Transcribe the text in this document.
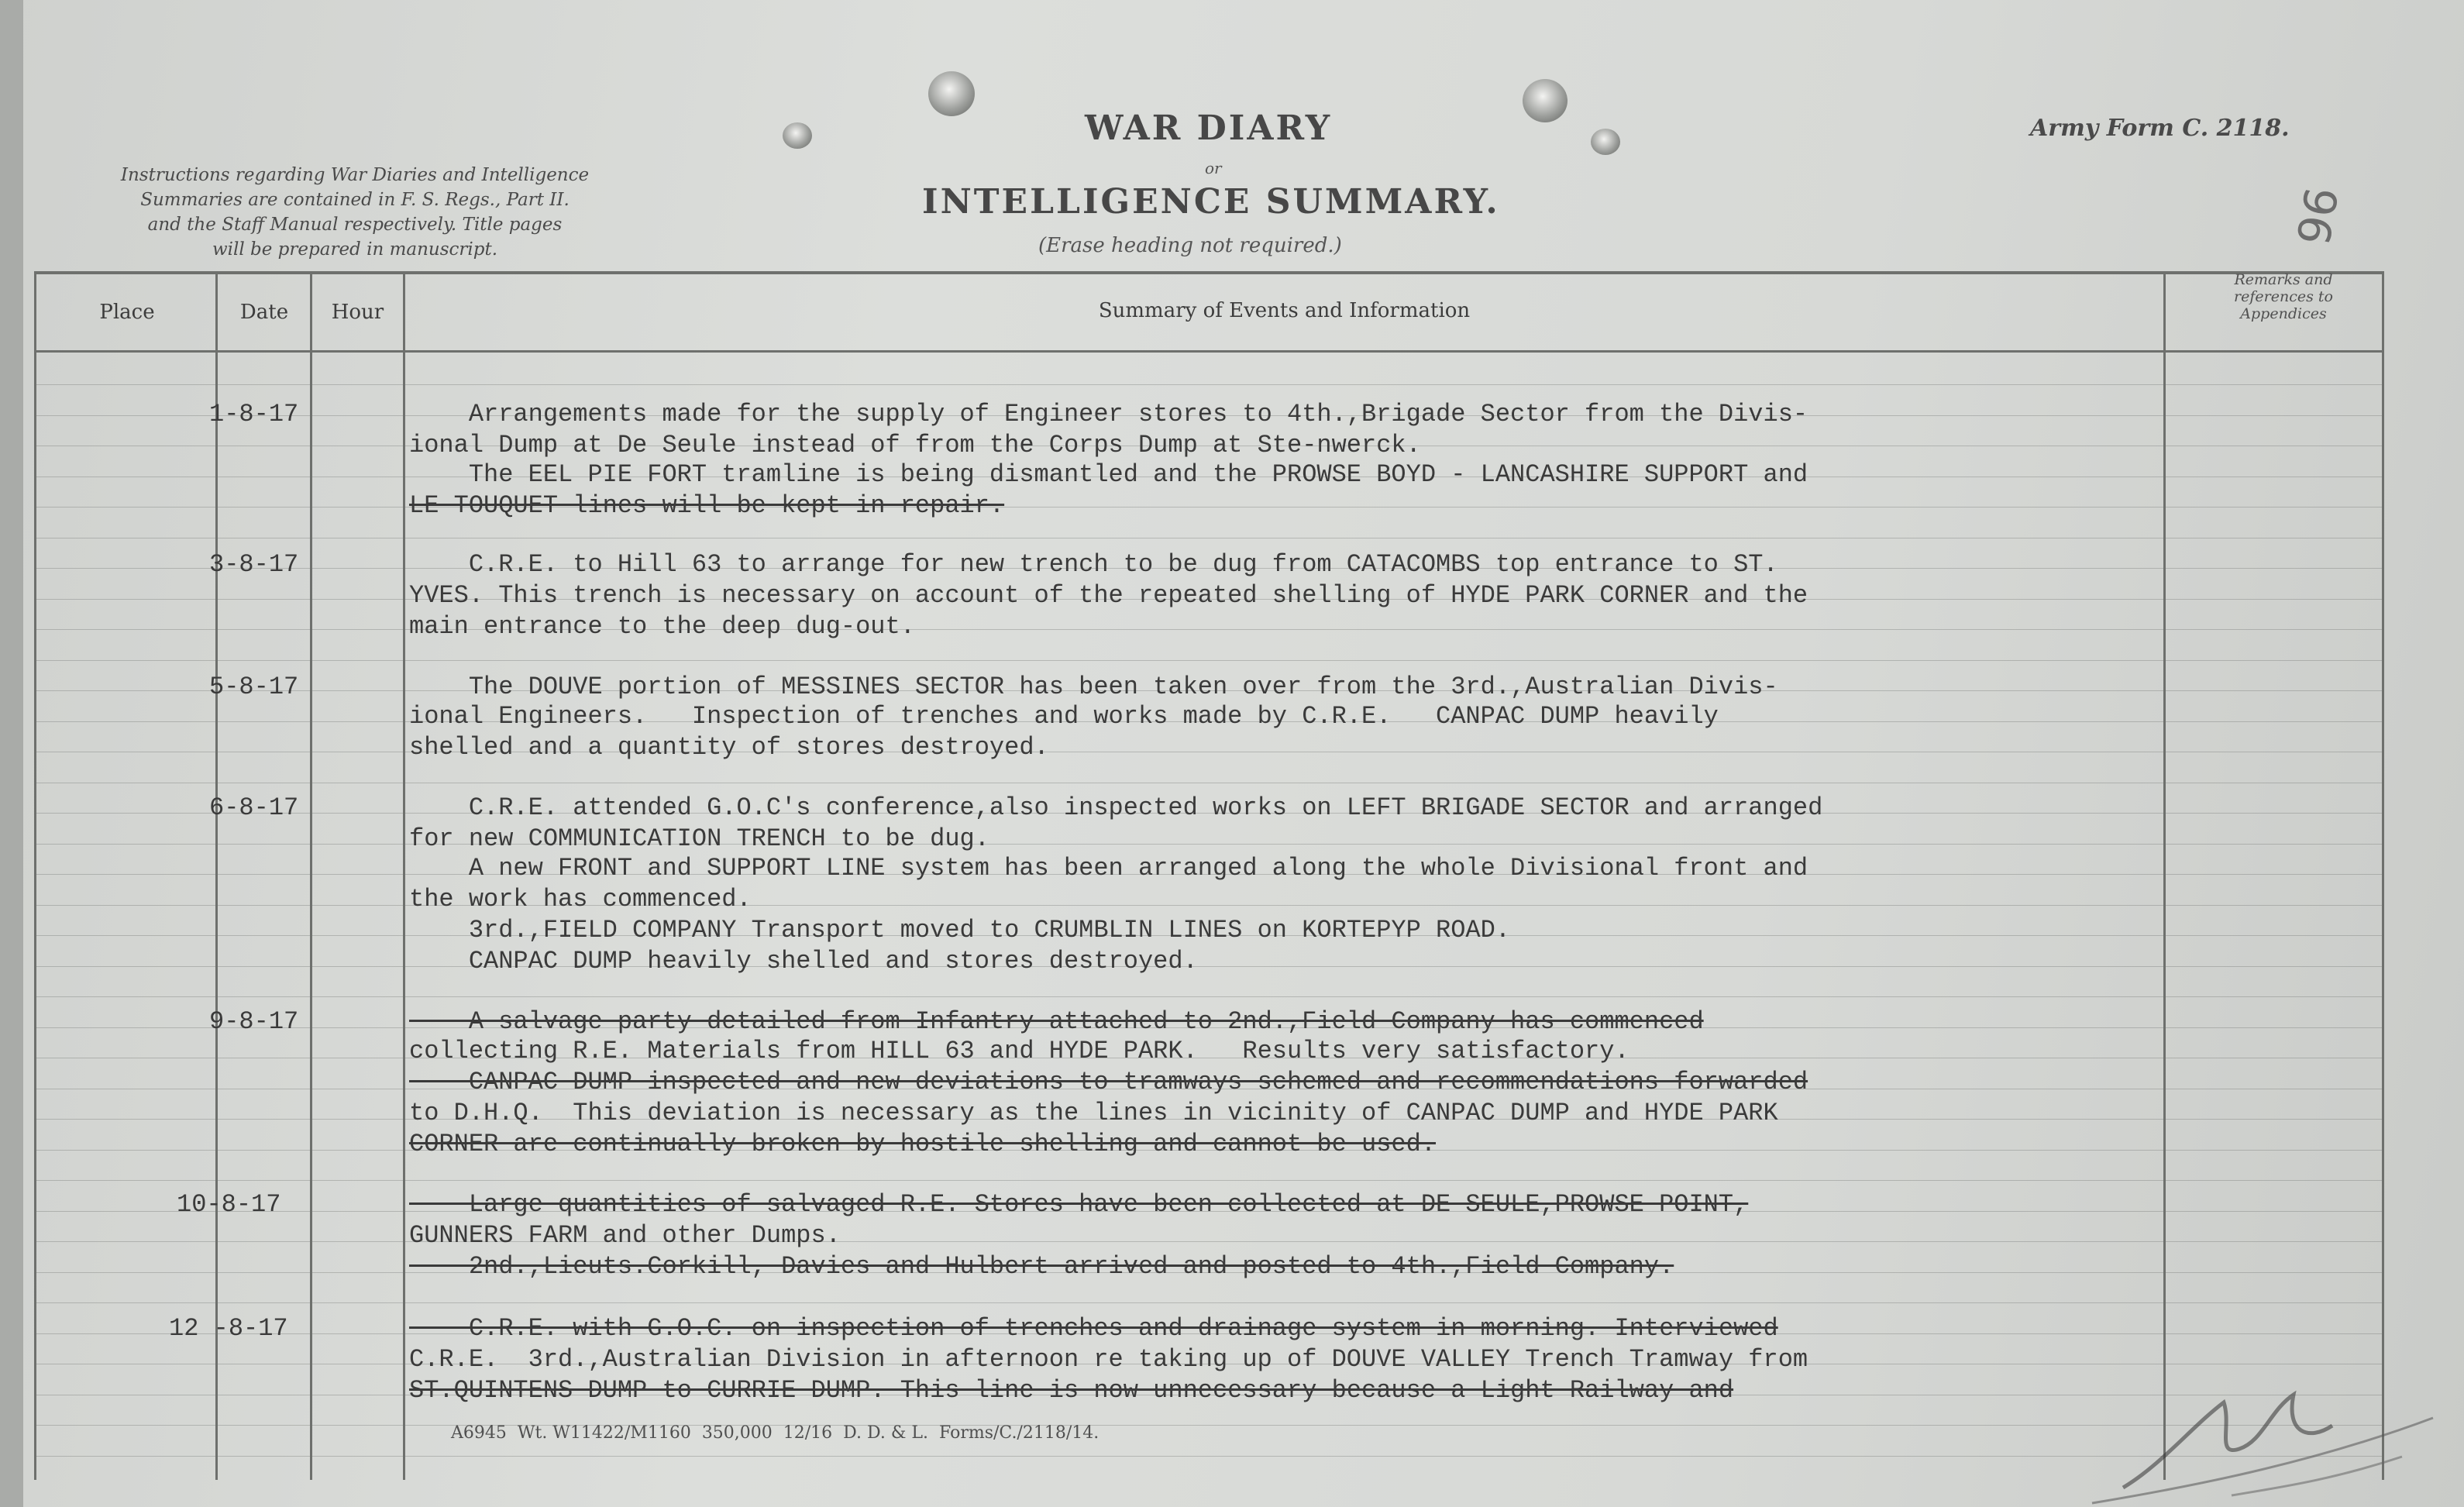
Instructions regarding War Diaries and Intelligence
Summaries are contained in F. S. Regs., Part II.
and the Staff Manual respectively. Title pages
will be prepared in manuscript.
WAR DIARY
or
INTELLIGENCE SUMMARY.
(Erase heading not required.)
Army Form C. 2118.
96
Place	Date	Hour	Summary of Events and Information
Remarks and
references to
Appendices
1-8-17	Arrangements made for the supply of Engineer stores to 4th.,Brigade Sector from the Divis-
ional Dump at De Seule instead of from the Corps Dump at Ste-nwerck.
The EEL PIE FORT tramline is being dismantled and the PROWSE BOYD - LANCASHIRE SUPPORT and
LE TOUQUET lines will be kept in repair.
3-8-17	C.R.E. to Hill 63 to arrange for new trench to be dug from CATACOMBS top entrance to ST.
YVES. This trench is necessary on account of the repeated shelling of HYDE PARK CORNER and the
main entrance to the deep dug-out.
5-8-17	The DOUVE portion of MESSINES SECTOR has been taken over from the 3rd.,Australian Divis-
ional Engineers.   Inspection of trenches and works made by C.R.E.   CANPAC DUMP heavily
shelled and a quantity of stores destroyed.
6-8-17	C.R.E. attended G.O.C's conference,also inspected works on LEFT BRIGADE SECTOR and arranged
for new COMMUNICATION TRENCH to be dug.
A new FRONT and SUPPORT LINE system has been arranged along the whole Divisional front and
the work has commenced.
3rd.,FIELD COMPANY Transport moved to CRUMBLIN LINES on KORTEPYP ROAD.
CANPAC DUMP heavily shelled and stores destroyed.
9-8-17	A salvage party detailed from Infantry attached to 2nd.,Field Company has commenced
collecting R.E. Materials from HILL 63 and HYDE PARK.   Results very satisfactory.
CANPAC DUMP inspected and new deviations to tramways schemed and recommendations forwarded
to D.H.Q.  This deviation is necessary as the lines in vicinity of CANPAC DUMP and HYDE PARK
CORNER are continually broken by hostile shelling and cannot be used.
10-8-17	Large quantities of salvaged R.E. Stores have been collected at DE SEULE,PROWSE POINT,
GUNNERS FARM and other Dumps.
2nd.,Lieuts.Corkill, Davies and Hulbert arrived and posted to 4th.,Field Company.
12 -8-17	C.R.E. with G.O.C. on inspection of trenches and drainage system in morning. Interviewed
C.R.E.  3rd.,Australian Division in afternoon re taking up of DOUVE VALLEY Trench Tramway from
ST.QUINTENS DUMP to CURRIE DUMP. This line is now unnecessary because a Light Railway and
A6945  Wt. W11422/M1160  350,000  12/16  D. D. & L.  Forms/C./2118/14.
